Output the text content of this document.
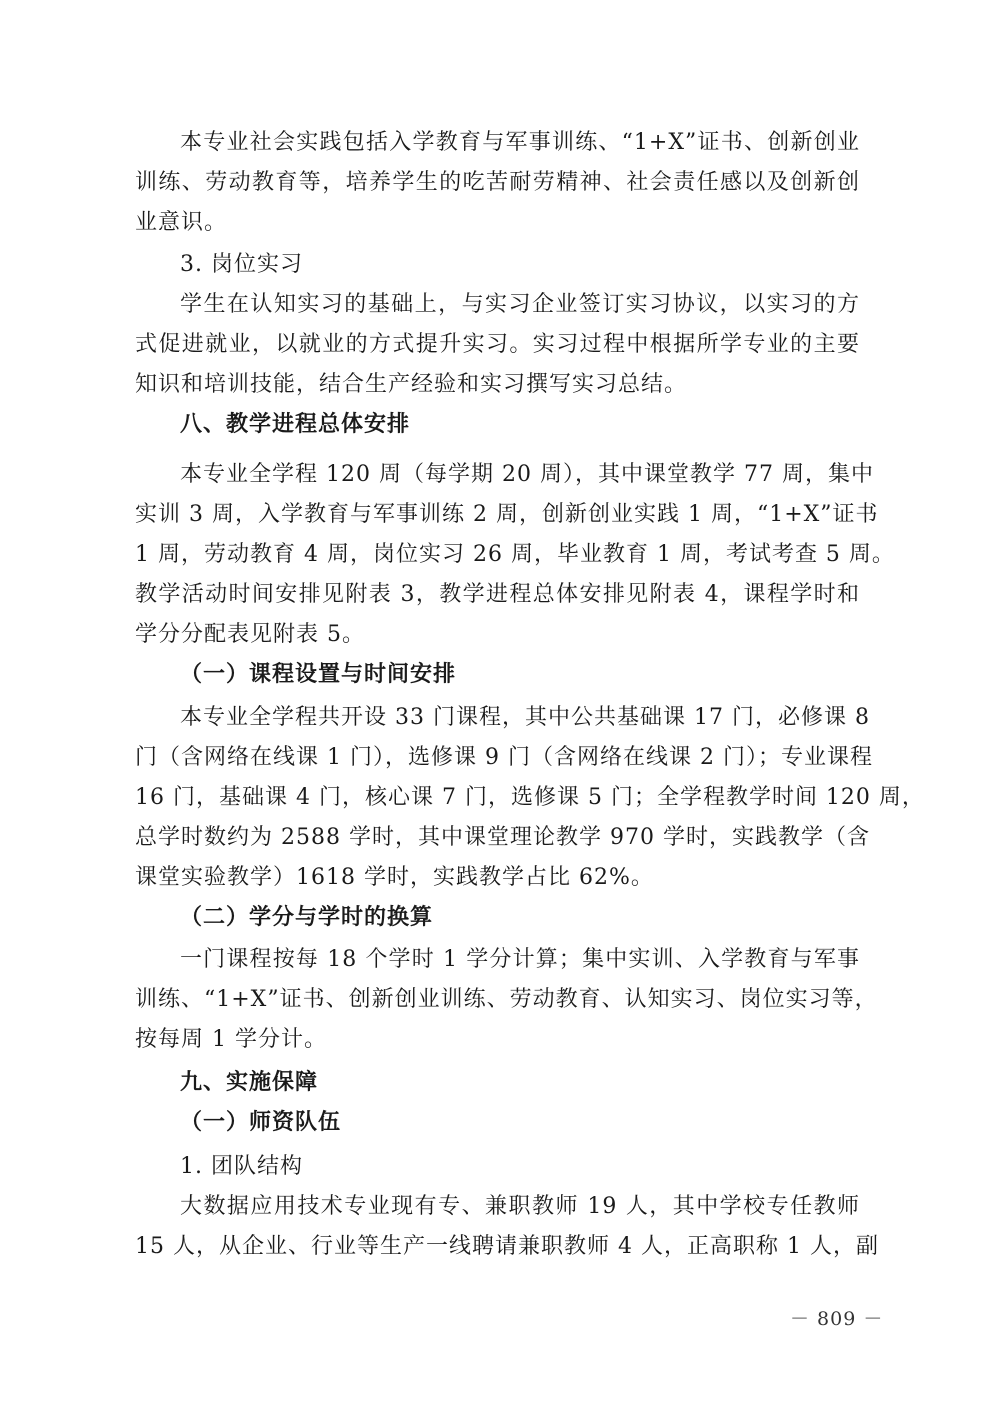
本专业社会实践包括入学教育与军事训练、“1+X”证书、创新创业
训练、劳动教育等，培养学生的吃苦耐劳精神、社会责任感以及创新创
业意识。
3. 岗位实习
学生在认知实习的基础上，与实习企业签订实习协议，以实习的方
式促进就业，以就业的方式提升实习。实习过程中根据所学专业的主要
知识和培训技能，结合生产经验和实习撰写实习总结。
八、教学进程总体安排
本专业全学程 120 周（每学期 20 周），其中课堂教学 77 周，集中
实训 3 周，入学教育与军事训练 2 周，创新创业实践 1 周，“1+X”证书
1 周，劳动教育 4 周，岗位实习 26 周，毕业教育 1 周，考试考查 5 周。
教学活动时间安排见附表 3，教学进程总体安排见附表 4，课程学时和
学分分配表见附表 5。
（一）课程设置与时间安排
本专业全学程共开设 33 门课程，其中公共基础课 17 门，必修课 8
门（含网络在线课 1 门），选修课 9 门（含网络在线课 2 门）；专业课程
16 门，基础课 4 门，核心课 7 门，选修课 5 门；全学程教学时间 120 周，
总学时数约为 2588 学时，其中课堂理论教学 970 学时，实践教学（含
课堂实验教学）1618 学时，实践教学占比 62%。
（二）学分与学时的换算
一门课程按每 18 个学时 1 学分计算；集中实训、入学教育与军事
训练、“1+X”证书、创新创业训练、劳动教育、认知实习、岗位实习等，
按每周 1 学分计。
九、实施保障
（一）师资队伍
1. 团队结构
大数据应用技术专业现有专、兼职教师 19 人，其中学校专任教师
15 人，从企业、行业等生产一线聘请兼职教师 4 人，正高职称 1 人，副
－ 809 －
